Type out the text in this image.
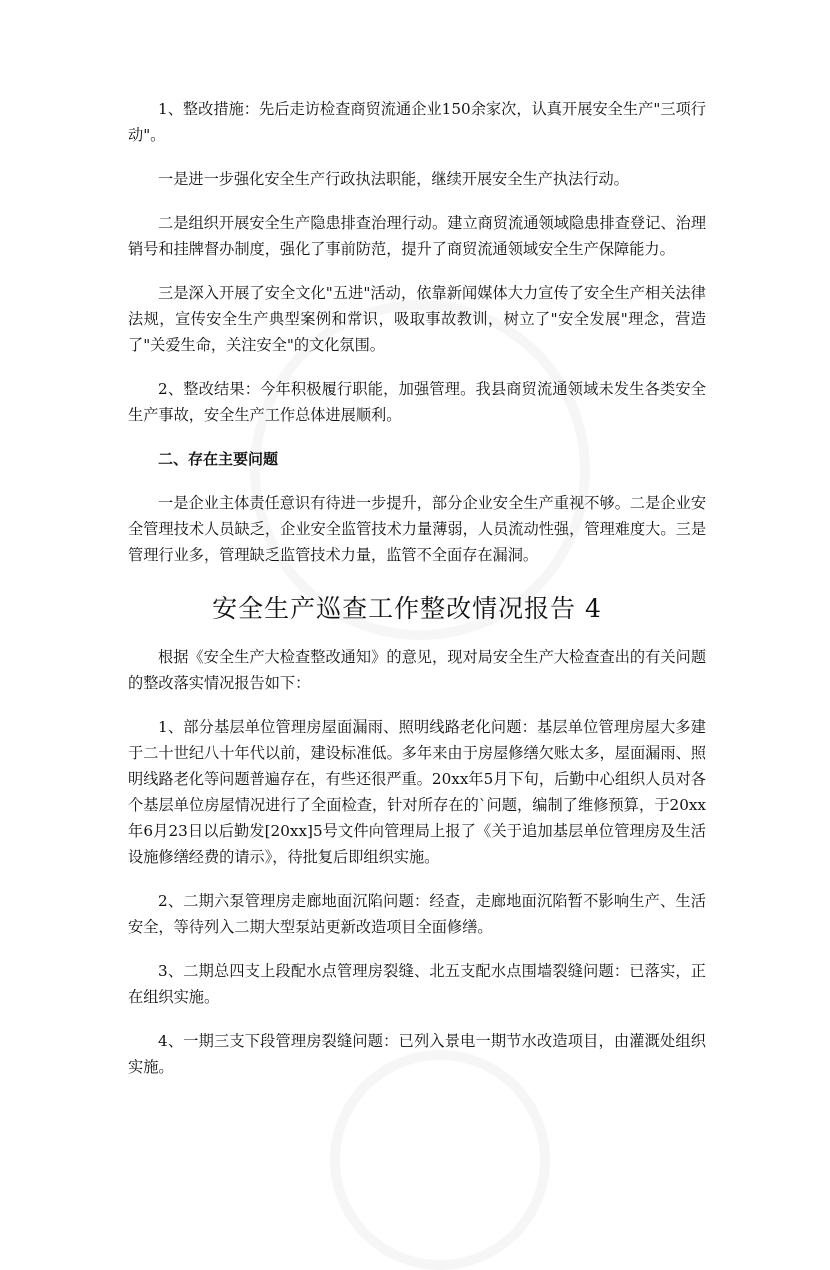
1、整改措施：先后走访检查商贸流通企业150余家次，认真开展安全生产"三项行动"。

一是进一步强化安全生产行政执法职能，继续开展安全生产执法行动。

二是组织开展安全生产隐患排查治理行动。建立商贸流通领域隐患排查登记、治理销号和挂牌督办制度，强化了事前防范，提升了商贸流通领域安全生产保障能力。

三是深入开展了安全文化"五进"活动，依靠新闻媒体大力宣传了安全生产相关法律法规，宣传安全生产典型案例和常识，吸取事故教训，树立了"安全发展"理念，营造了"关爱生命，关注安全"的文化氛围。

2、整改结果：今年积极履行职能，加强管理。我县商贸流通领域未发生各类安全生产事故，安全生产工作总体进展顺利。

二、存在主要问题

一是企业主体责任意识有待进一步提升，部分企业安全生产重视不够。二是企业安全管理技术人员缺乏，企业安全监管技术力量薄弱，人员流动性强，管理难度大。三是管理行业多，管理缺乏监管技术力量，监管不全面存在漏洞。

安全生产巡查工作整改情况报告 4

根据《安全生产大检查整改通知》的意见，现对局安全生产大检查查出的有关问题的整改落实情况报告如下：

1、部分基层单位管理房屋面漏雨、照明线路老化问题：基层单位管理房屋大多建于二十世纪八十年代以前，建设标准低。多年来由于房屋修缮欠账太多，屋面漏雨、照明线路老化等问题普遍存在，有些还很严重。20xx年5月下旬，后勤中心组织人员对各个基层单位房屋情况进行了全面检查，针对所存在的`问题，编制了维修预算，于20xx年6月23日以后勤发[20xx]5号文件向管理局上报了《关于追加基层单位管理房及生活设施修缮经费的请示》，待批复后即组织实施。

2、二期六泵管理房走廊地面沉陷问题：经查，走廊地面沉陷暂不影响生产、生活安全，等待列入二期大型泵站更新改造项目全面修缮。

3、二期总四支上段配水点管理房裂缝、北五支配水点围墙裂缝问题：已落实，正在组织实施。

4、一期三支下段管理房裂缝问题：已列入景电一期节水改造项目，由灌溉处组织实施。
